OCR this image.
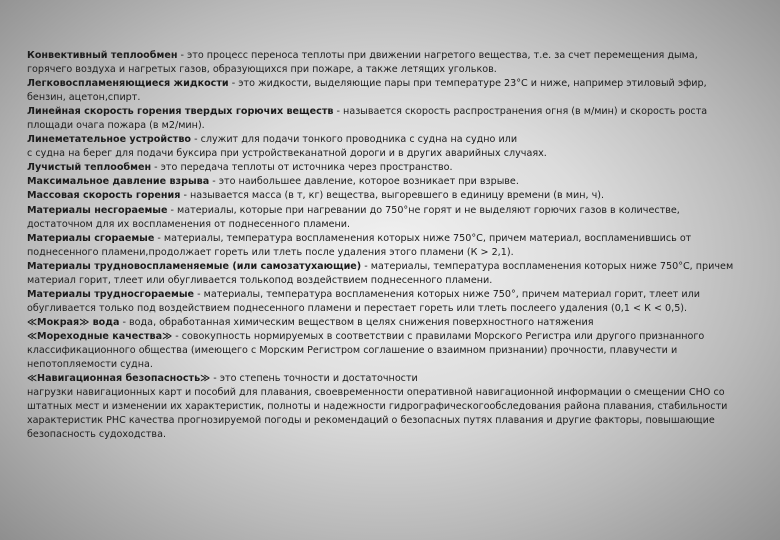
Конвективный теплообмен - это процесс переноса теплоты при движении нагретого вещества, т.е. за счет перемещения дыма, горячего воздуха и нагретых газов, образующихся при пожаре, а также летящих угольков.

Легковоспламеняющиеся жидкости - это жидкости, выделяющие пары при температуре 23°С и ниже, например этиловый эфир, бензин, ацетон,спирт.

Линейная скорость горения твердых горючих веществ - называется скорость распространения огня (в м/мин) и скорость роста площади очага пожара (в м2/мин).

Линеметательное устройство - служит для подачи тонкого проводника с судна на судно или

с судна на берег для подачи буксира при устройствеканатной дороги и в других аварийных случаях.

Лучистый теплообмен - это передача теплоты от источника через пространство.

Максимальное давление взрыва - это наибольшее давление, которое возникает при взрыве.

Массовая скорость горения - называется масса (в т, кг) вещества, выгоревшего в единицу времени (в мин, ч).

Материалы несгораемые - материалы, которые при нагревании до 750°не горят и не выделяют горючих газов в количестве, достаточном для их воспламенения от поднесенного пламени.

Материалы сгораемые - материалы, температура воспламенения которых ниже 750°С, причем материал, воспламенившись от поднесенного пламени,продолжает гореть или тлеть после удаления этого пламени (К > 2,1).

Материалы трудновоспламеняемые (или самозатухающие) - материалы, температура воспламенения которых ниже 750°С, причем материал горит, тлеет или обугливается толькопод воздействием поднесенного пламени.

Материалы трудносгораемые - материалы, температура воспламенения которых ниже 750°, причем материал горит, тлеет или обугливается только под воздействием поднесенного пламени и перестает гореть или тлеть послеего удаления (0,1 < К < 0,5).

≪Мокрая≫ вода - вода, обработанная химическим веществом в целях снижения поверхностного натяжения

≪Мореходные качества≫ - совокупность нормируемых в соответствии с правилами Морского Регистра или другого признанного классификационного общества (имеющего с Морским Регистром соглашение о взаимном признании) прочности, плавучести и непотопляемости судна.

≪Навигационная безопасность≫ - это степень точности и достаточности

нагрузки навигационных карт и пособий для плавания, своевременности оперативной навигационной информации о смещении СНО со штатных мест и изменении их характеристик, полноты и надежности гидрографическогообследования района плавания, стабильности характеристик РНС качества прогнозируемой погоды и рекомендаций о безопасных путях плавания и другие факторы, повышающие безопасность судоходства.
